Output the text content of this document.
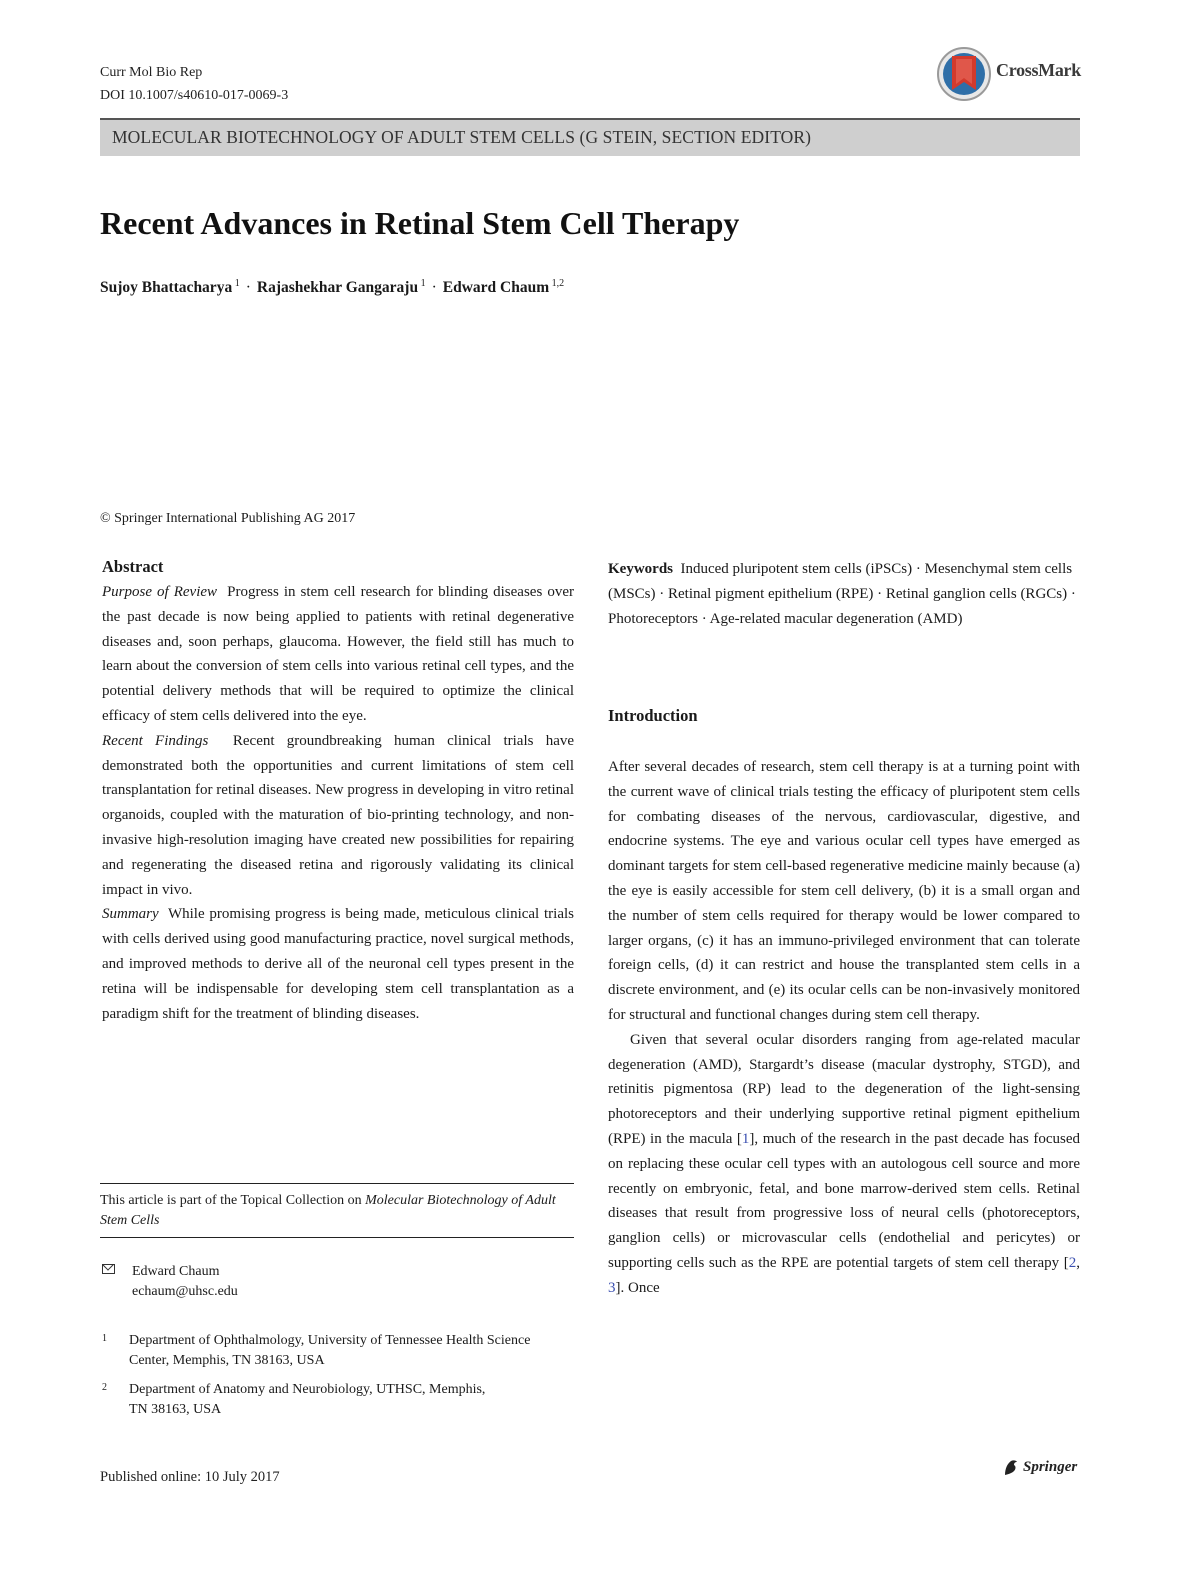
Curr Mol Bio Rep
DOI 10.1007/s40610-017-0069-3
CrossMark
MOLECULAR BIOTECHNOLOGY OF ADULT STEM CELLS (G STEIN, SECTION EDITOR)
Recent Advances in Retinal Stem Cell Therapy
Sujoy Bhattacharya $^1$ · Rajashekhar Gangaraju $^1$ · Edward Chaum $^{1,2}$
© Springer International Publishing AG 2017
Abstract

Purpose of Review Progress in stem cell research for blinding diseases over the past decade is now being applied to patients with retinal degenerative diseases and, soon perhaps, glaucoma. However, the field still has much to learn about the conversion of stem cells into various retinal cell types, and the potential delivery methods that will be required to optimize the clinical efficacy of stem cells delivered into the eye.

Recent Findings Recent groundbreaking human clinical trials have demonstrated both the opportunities and current limitations of stem cell transplantation for retinal diseases. New progress in developing in vitro retinal organoids, coupled with the maturation of bio-printing technology, and non-invasive high-resolution imaging have created new possibilities for repairing and regenerating the diseased retina and rigorously validating its clinical impact in vivo.

Summary While promising progress is being made, meticulous clinical trials with cells derived using good manufacturing practice, novel surgical methods, and improved methods to derive all of the neuronal cell types present in the retina will be indispensable for developing stem cell transplantation as a paradigm shift for the treatment of blinding diseases.

Keywords Induced pluripotent stem cells (iPSCs) · Mesenchymal stem cells (MSCs) · Retinal pigment epithelium (RPE) · Retinal ganglion cells (RGCs) · Photoreceptors · Age-related macular degeneration (AMD)
Introduction

After several decades of research, stem cell therapy is at a turning point with the current wave of clinical trials testing the efficacy of pluripotent stem cells for combating diseases of the nervous, cardiovascular, digestive, and endocrine systems. The eye and various ocular cell types have emerged as dominant targets for stem cell-based regenerative medicine mainly because (a) the eye is easily accessible for stem cell delivery, (b) it is a small organ and the number of stem cells required for therapy would be lower compared to larger organs, (c) it has an immuno-privileged environment that can tolerate foreign cells, (d) it can restrict and house the transplanted stem cells in a discrete environment, and (e) its ocular cells can be non-invasively monitored for structural and functional changes during stem cell therapy.

Given that several ocular disorders ranging from age-related macular degeneration (AMD), Stargardt’s disease (macular dystrophy, STGD), and retinitis pigmentosa (RP) lead to the degeneration of the light-sensing photoreceptors and their underlying supportive retinal pigment epithelium (RPE) in the macula [1], much of the research in the past decade has focused on replacing these ocular cell types with an autologous cell source and more recently on embryonic, fetal, and bone marrow-derived stem cells. Retinal diseases that result from progressive loss of neural cells (photoreceptors, ganglion cells) or microvascular cells (endothelial and pericytes) or supporting cells such as the RPE are potential targets of stem cell therapy [2, 3]. Once

This article is part of the Topical Collection on Molecular Biotechnology of Adult Stem Cells
Edward Chaum
echaum@uhsc.edu
1 Department of Ophthalmology, University of Tennessee Health Science Center, Memphis, TN 38163, USA
2 Department of Anatomy and Neurobiology, UTHSC, Memphis, TN 38163, USA
Published online: 10 July 2017
Springer
